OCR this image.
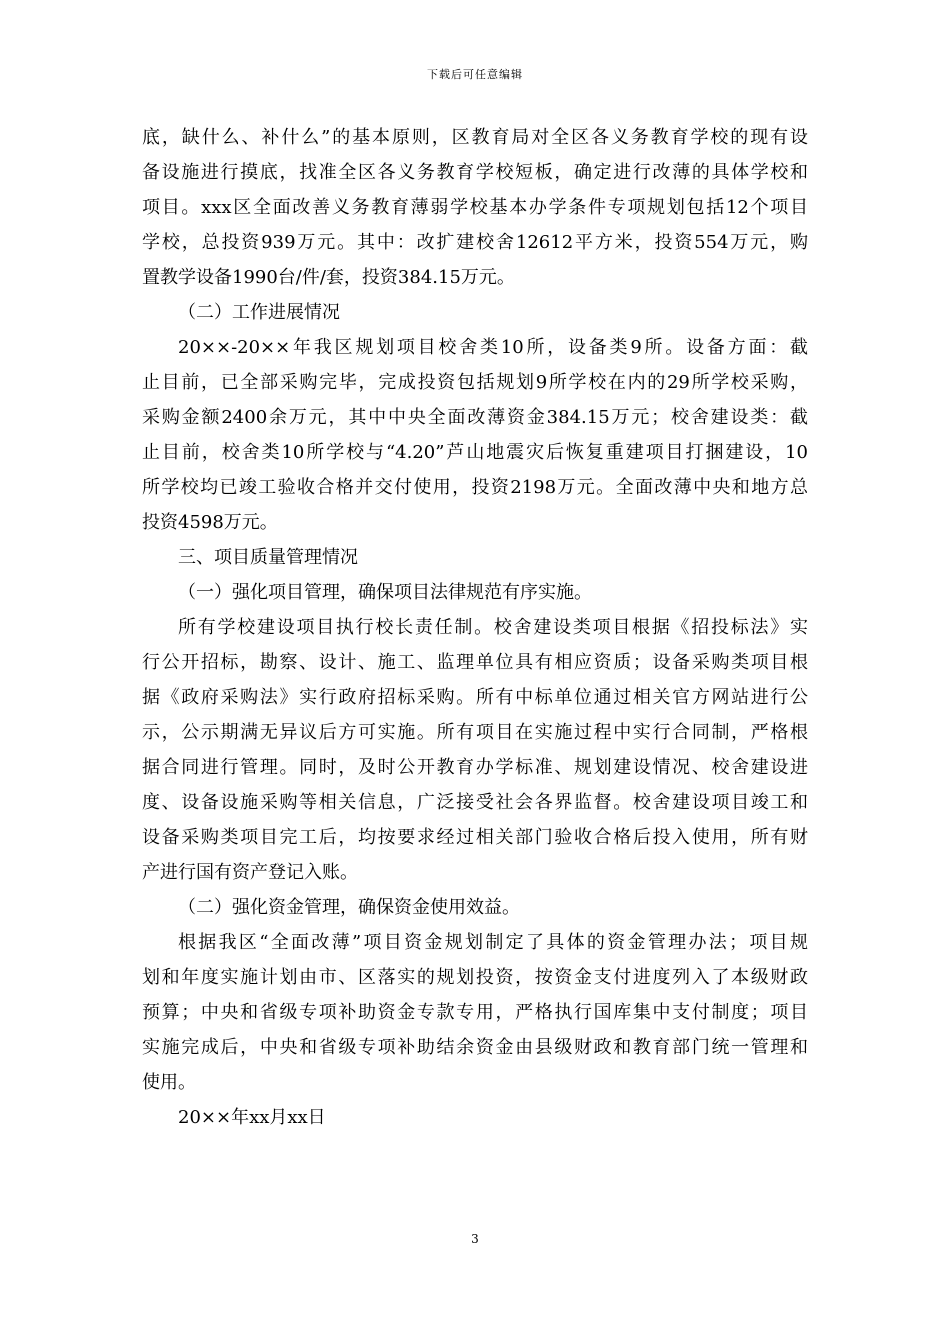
下载后可任意编辑
底，缺什么、补什么”的基本原则，区教育局对全区各义务教育学校的现有设
备设施进行摸底，找准全区各义务教育学校短板，确定进行改薄的具体学校和
项目。xxx区全面改善义务教育薄弱学校基本办学条件专项规划包括12个项目
学校，总投资939万元。其中：改扩建校舍12612平方米，投资554万元，购
置教学设备1990台/件/套，投资384.15万元。
（二）工作进展情况
20××-20××年我区规划项目校舍类10所，设备类9所。设备方面：截
止目前，已全部采购完毕，完成投资包括规划9所学校在内的29所学校采购，
采购金额2400余万元，其中中央全面改薄资金384.15万元；校舍建设类：截
止目前，校舍类10所学校与“4.20”芦山地震灾后恢复重建项目打捆建设，10
所学校均已竣工验收合格并交付使用，投资2198万元。全面改薄中央和地方总
投资4598万元。
三、项目质量管理情况
（一）强化项目管理，确保项目法律规范有序实施。
所有学校建设项目执行校长责任制。校舍建设类项目根据《招投标法》实
行公开招标，勘察、设计、施工、监理单位具有相应资质；设备采购类项目根
据《政府采购法》实行政府招标采购。所有中标单位通过相关官方网站进行公
示，公示期满无异议后方可实施。所有项目在实施过程中实行合同制，严格根
据合同进行管理。同时，及时公开教育办学标准、规划建设情况、校舍建设进
度、设备设施采购等相关信息，广泛接受社会各界监督。校舍建设项目竣工和
设备采购类项目完工后，均按要求经过相关部门验收合格后投入使用，所有财
产进行国有资产登记入账。
（二）强化资金管理，确保资金使用效益。
根据我区“全面改薄”项目资金规划制定了具体的资金管理办法；项目规
划和年度实施计划由市、区落实的规划投资，按资金支付进度列入了本级财政
预算；中央和省级专项补助资金专款专用，严格执行国库集中支付制度；项目
实施完成后，中央和省级专项补助结余资金由县级财政和教育部门统一管理和
使用。
20××年xx月xx日
3
